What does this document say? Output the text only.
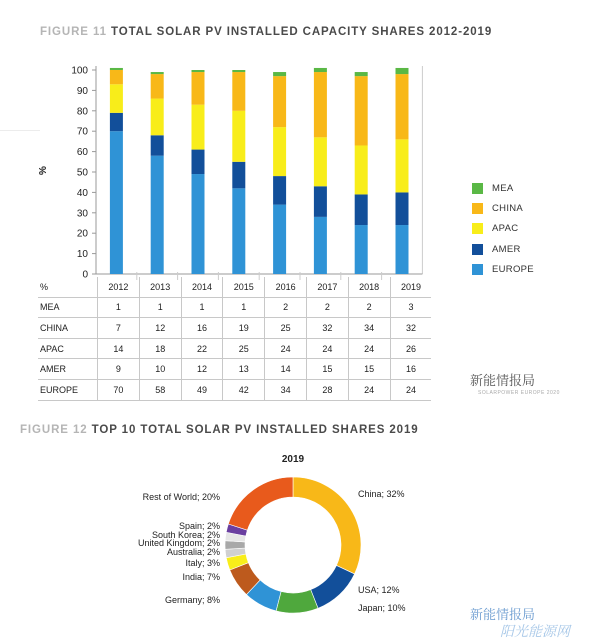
FIGURE 11 TOTAL SOLAR PV INSTALLED CAPACITY SHARES 2012-2019
0
10
20
30
40
50
60
70
80
90
100
%
MEA
CHINA
APAC
AMER
EUROPE
%	2012	2013	2014	2015	2016	2017	2018	2019
MEA	1	1	1	1	2	2	2	3
CHINA	7	12	16	19	25	32	34	32
APAC	14	18	22	25	24	24	24	26
AMER	9	10	12	13	14	15	15	16
EUROPE	70	58	49	42	34	28	24	24
新能情报局
SOLARPOWER EUROPE 2020
FIGURE 12 TOP 10 TOTAL SOLAR PV INSTALLED SHARES 2019
2019
China; 32%
USA; 12%
Japan; 10%
Germany; 8%
India; 7%
Italy; 3%
Australia; 2%
United Kingdom; 2%
South Korea; 2%
Spain; 2%
Rest of World; 20%
新能情报局
阳光能源网
